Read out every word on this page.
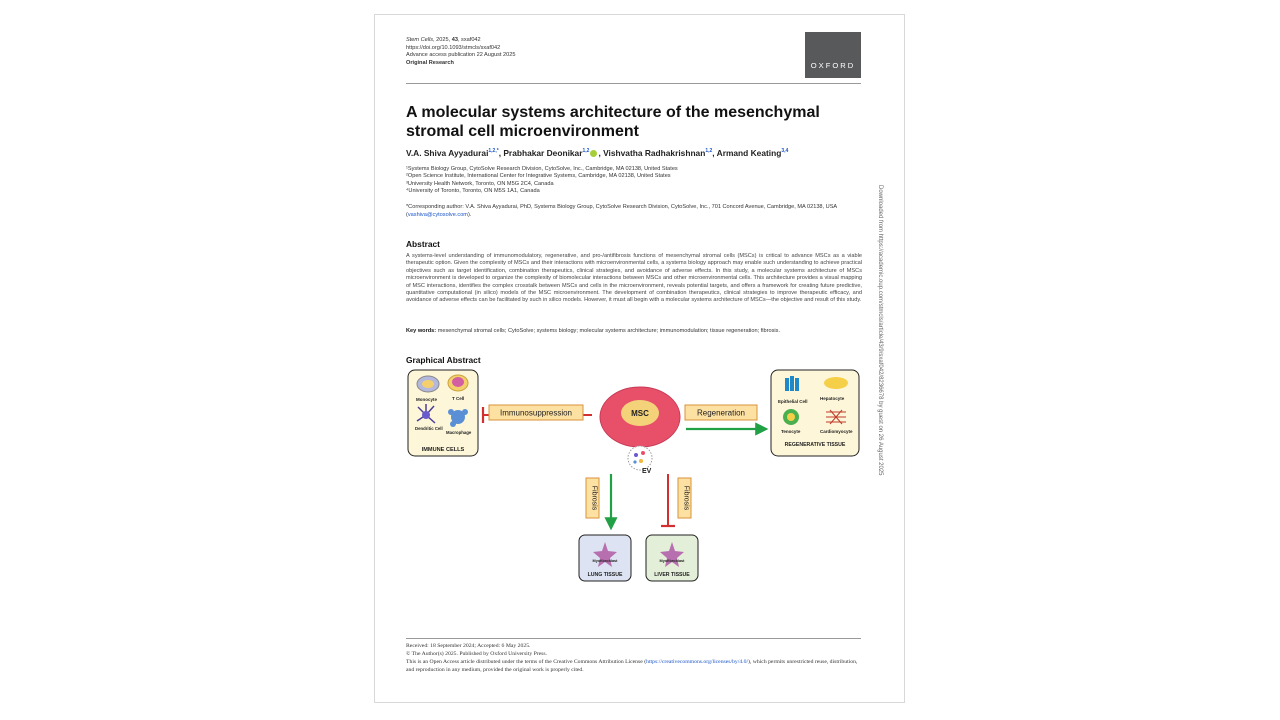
Stem Cells, 2025, 43, sxaf042
https://doi.org/10.1093/stmcls/sxaf042
Advance access publication 22 August 2025
Original Research	OXFORD
A molecular systems architecture of the mesenchymal stromal cell microenvironment
V.A. Shiva Ayyadurai$^{1,2,*}$, Prabhakar Deonikar$^{1,2}$ , Vishvatha Radhakrishnan$^{1,2}$, Armand Keating$^{3,4}$
¹Systems Biology Group, CytoSolve Research Division, CytoSolve, Inc., Cambridge, MA 02138, United States
²Open Science Institute, International Center for Integrative Systems, Cambridge, MA 02138, United States
³University Health Network, Toronto, ON M5G 2C4, Canada
⁴University of Toronto, Toronto, ON M5S 1A1, Canada
*Corresponding author: V.A. Shiva Ayyadurai, PhD, Systems Biology Group, CytoSolve Research Division, CytoSolve, Inc., 701 Concord Avenue, Cambridge, MA 02138, USA (vashiva@cytosolve.com).
Abstract
A systems-level understanding of immunomodulatory, regenerative, and pro-/antifibrosis functions of mesenchymal stromal cells (MSCs) is critical to advance MSCs as a viable therapeutic option. Given the complexity of MSCs and their interactions with microenvironmental cells, a systems biology approach may enable such understanding to achieve practical objectives such as target identification, combination therapeutics, clinical strategies, and avoidance of adverse effects. In this study, a molecular systems architecture of MSCs microenvironment is developed to organize the complexity of biomolecular interactions between MSCs and other microenvironmental cells. This architecture provides a visual mapping of MSC interactions, identifies the complex crosstalk between MSCs and cells in the microenvironment, reveals potential targets, and offers a framework for creating future predictive, quantitative computational (in silico) models of the MSC microenvironment. The development of combination therapeutics, clinical strategies to improve therapeutic efficacy, and avoidance of adverse effects can be facilitated by such in silico models. However, it must all begin with a molecular systems architecture of MSCs—the objective and result of this study.
Key words: mesenchymal stromal cells; CytoSolve; systems biology; molecular systems architecture; immunomodulation; tissue regeneration; fibrosis.
Graphical Abstract
Monocyte	T Cell
Dendritic Cell
Macrophage
IMMUNE CELLS
Immunosuppression	MSC
EV
Regeneration
Epithelial Cell
Hepatocyte
Tenocyte	Cardiomyocyte
REGENERATIVE TISSUE
Fibrosis	Fibrosis
Myofibroblast
LUNG TISSUE
Myofibroblast
LIVER TISSUE
Downloaded from https://academic.oup.com/stmcls/article/43/9/sxaf042/8236678 by guest on 26 August 2025
Received: 18 September 2024; Accepted: 6 May 2025.
© The Author(s) 2025. Published by Oxford University Press.
This is an Open Access article distributed under the terms of the Creative Commons Attribution License (https://creativecommons.org/licenses/by/4.0/), which permits unrestricted reuse, distribution, and reproduction in any medium, provided the original work is properly cited.
